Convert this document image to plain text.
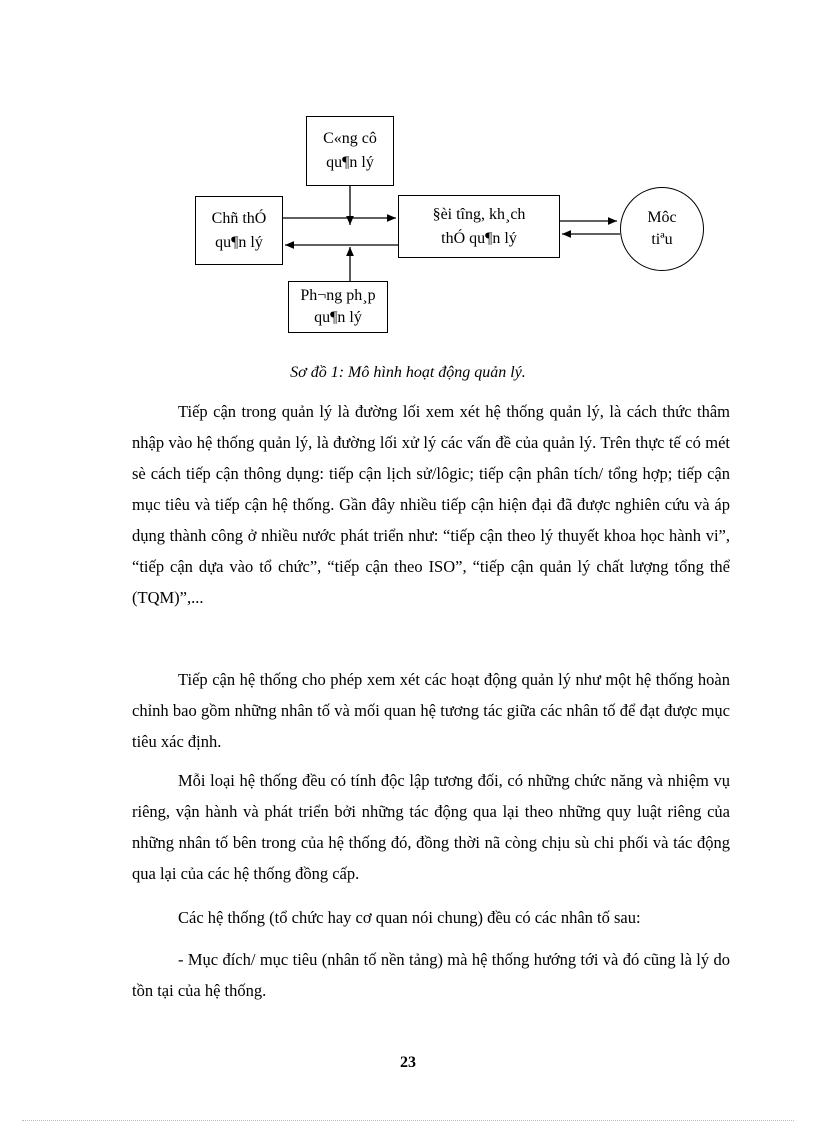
C«ng cô
qu¶n lý
Chñ thÓ
qu¶n lý
§èi tîng, kh¸ch
thÓ qu¶n lý
Môc
tiªu
Ph¬ng ph¸p
qu¶n lý
Sơ đồ 1: Mô hình hoạt động quản lý.

Tiếp cận trong quản lý là đường lối xem xét hệ thống quản lý, là cách thức thâm nhập vào hệ thống quản lý, là đường lối xử lý các vấn đề của quản lý. Trên thực tế có mét sè cách tiếp cận thông dụng: tiếp cận lịch sử/lôgic; tiếp cận phân tích/ tổng hợp; tiếp cận mục tiêu và tiếp cận hệ thống. Gần đây nhiều tiếp cận hiện đại đã được nghiên cứu và áp dụng thành công ở nhiều nước phát triển như: “tiếp cận theo lý thuyết khoa học hành vi”, “tiếp cận dựa vào tổ chức”, “tiếp cận theo ISO”, “tiếp cận quản lý chất lượng tổng thể (TQM)”,...

Tiếp cận hệ thống cho phép xem xét các hoạt động quản lý như một hệ thống hoàn chỉnh bao gồm những nhân tố và mối quan hệ tương tác giữa các nhân tố để đạt được mục tiêu xác định.

Mỗi loại hệ thống đều có tính độc lập tương đối, có những chức năng và nhiệm vụ riêng, vận hành và phát triển bởi những tác động qua lại theo những quy luật riêng của những nhân tố bên trong của hệ thống đó, đồng thời nã còng chịu sù chi phối và tác động qua lại của các hệ thống đồng cấp.

Các hệ thống (tổ chức hay cơ quan nói chung) đều có các nhân tố sau:

- Mục đích/ mục tiêu (nhân tố nền tảng) mà hệ thống hướng tới và đó cũng là lý do tồn tại của hệ thống.

23
